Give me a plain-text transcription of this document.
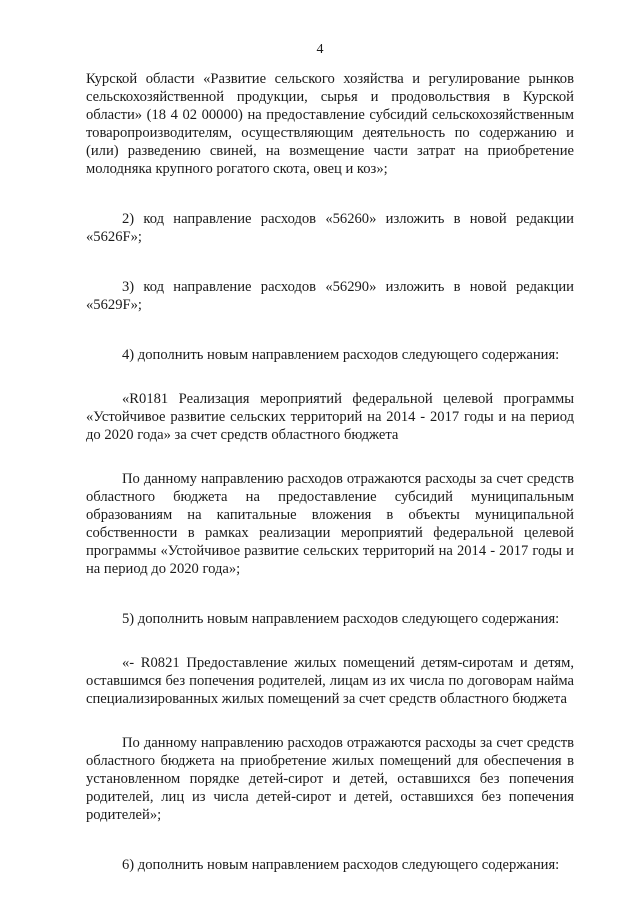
4

Курской области «Развитие сельского хозяйства и регулирование рынков сельскохозяйственной продукции, сырья и продовольствия в Курской области» (18 4 02 00000) на предоставление субсидий сельскохозяйственным товаропроизводителям, осуществляющим деятельность по содержанию и (или) разведению свиней, на возмещение части затрат на приобретение молодняка крупного рогатого скота, овец и коз»;

2) код направление расходов «56260» изложить в новой редакции «5626F»;

3) код направление расходов «56290» изложить в новой редакции «5629F»;

4) дополнить новым направлением расходов следующего содержания:

«R0181 Реализация мероприятий федеральной целевой программы «Устойчивое развитие сельских территорий на 2014 - 2017 годы и на период до 2020 года» за счет средств областного бюджета

По данному направлению расходов отражаются расходы за счет средств областного бюджета на предоставление субсидий муниципальным образованиям на капитальные вложения в объекты муниципальной собственности в рамках реализации мероприятий федеральной целевой программы «Устойчивое развитие сельских территорий на 2014 - 2017 годы и на период до 2020 года»;

5) дополнить новым направлением расходов следующего содержания:

«- R0821 Предоставление жилых помещений детям-сиротам и детям, оставшимся без попечения родителей, лицам из их числа по договорам найма специализированных жилых помещений за счет средств областного бюджета

По данному направлению расходов отражаются расходы за счет средств областного бюджета на приобретение жилых помещений для обеспечения в установленном порядке детей-сирот и детей, оставшихся без попечения родителей, лиц из числа детей-сирот и детей, оставшихся без попечения родителей»;

6) дополнить новым направлением расходов следующего содержания:
